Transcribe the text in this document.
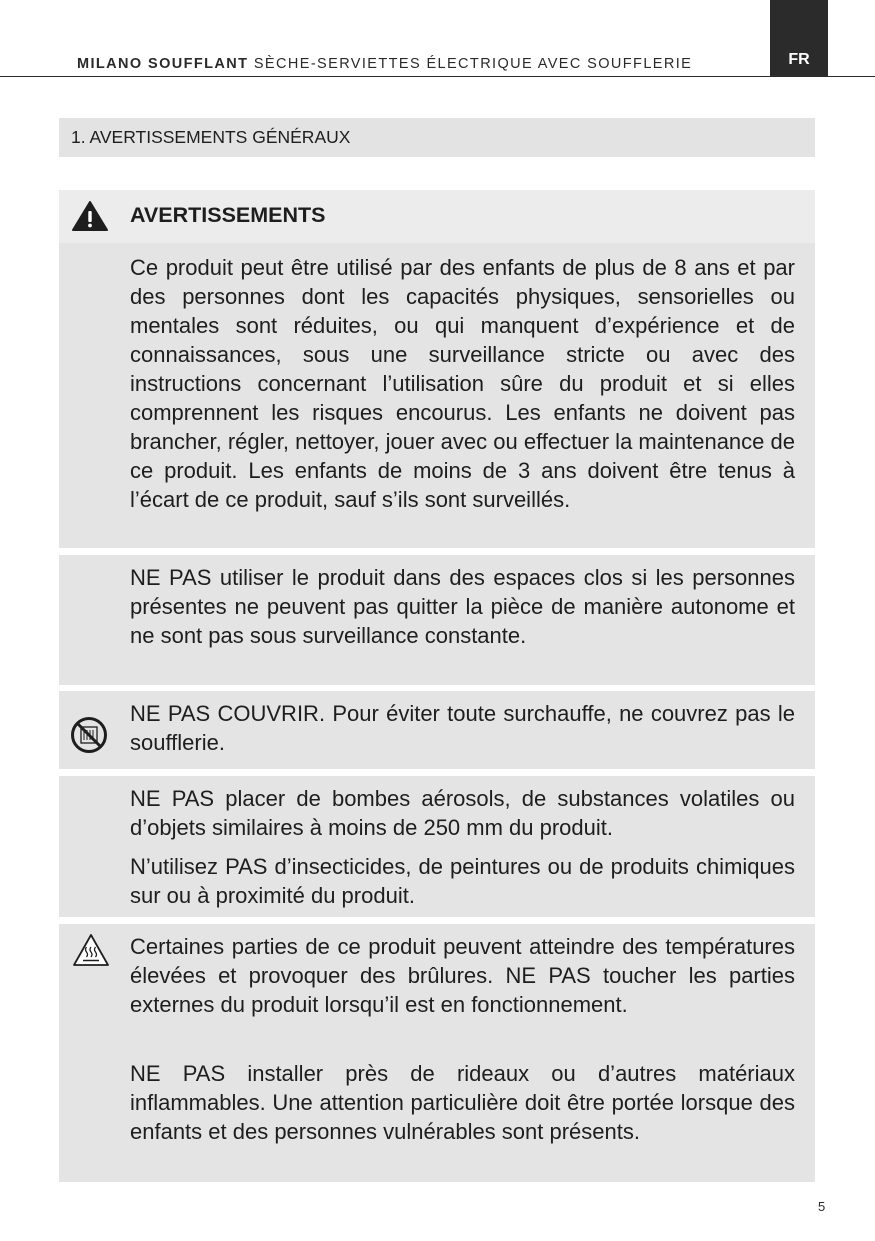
MILANO SOUFFLANT SÈCHE-SERVIETTES ÉLECTRIQUE AVEC SOUFFLERIE	FR
1. AVERTISSEMENTS GÉNÉRAUX
AVERTISSEMENTS
Ce produit peut être utilisé par des enfants de plus de 8 ans et par des personnes dont les capacités physiques, sensorielles ou mentales sont réduites, ou qui manquent d’expérience et de connaissances, sous une surveillance stricte ou avec des instructions concernant l’utilisation sûre du produit et si elles comprennent les risques encourus. Les enfants ne doivent pas brancher, régler, nettoyer, jouer avec ou effectuer la maintenance de ce produit. Les enfants de moins de 3 ans doivent être tenus à l’écart de ce produit, sauf s’ils sont surveillés.
NE PAS utiliser le produit dans des espaces clos si les personnes présentes ne peuvent pas quitter la pièce de manière autonome et ne sont pas sous surveillance constante.
NE PAS COUVRIR. Pour éviter toute surchauffe, ne couvrez pas le soufflerie.
NE PAS placer de bombes aérosols, de substances volatiles ou d’objets similaires à moins de 250 mm du produit.
N’utilisez PAS d’insecticides, de peintures ou de produits chimiques sur ou à proximité du produit.
Certaines parties de ce produit peuvent atteindre des températures élevées et provoquer des brûlures. NE PAS toucher les parties externes du produit lorsqu’il est en fonctionnement.
NE PAS installer près de rideaux ou d’autres matériaux inflammables. Une attention particulière doit être portée lorsque des enfants et des personnes vulnérables sont présents.
5
